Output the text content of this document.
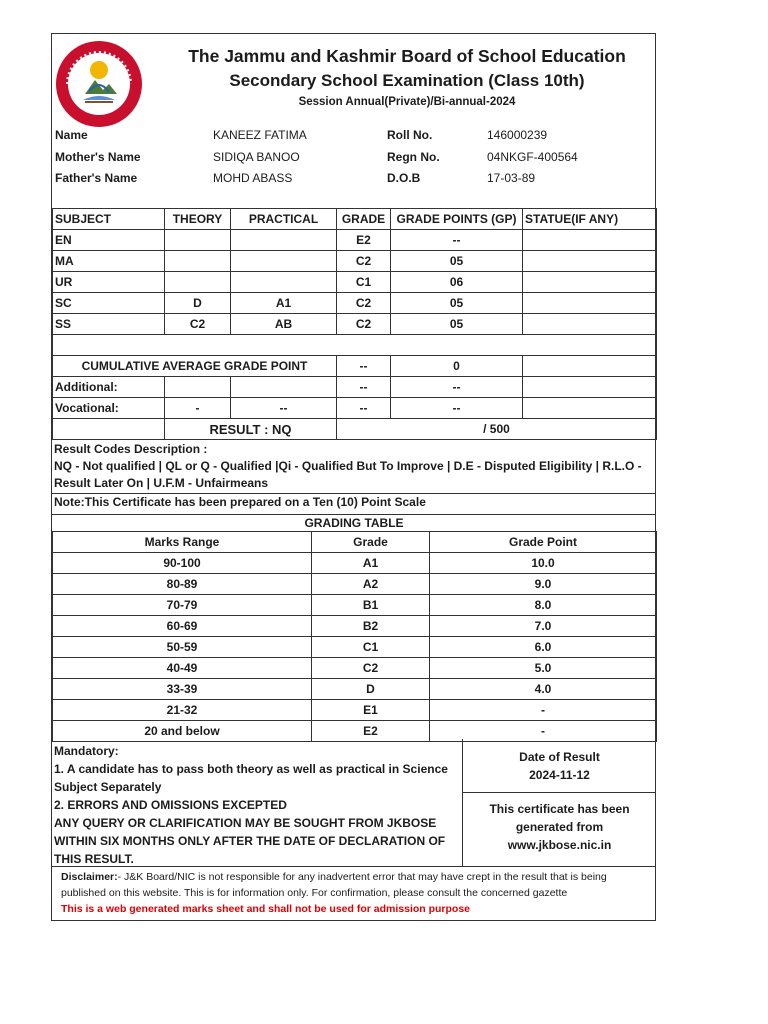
The Jammu and Kashmir Board of School Education
Secondary School Examination (Class 10th)
Session Annual(Private)/Bi-annual-2024
Name	KANEEZ FATIMA	Roll No.	146000239
Mother's Name	SIDIQA BANOO	Regn No.	04NKGF-400564
Father's Name	MOHD ABASS	D.O.B	17-03-89
SUBJECT	THEORY	PRACTICAL	GRADE	GRADE POINTS (GP)	STATUE(IF ANY)
EN			E2	--	
MA			C2	05	
UR			C1	06	
SC	D	A1	C2	05	
SS	C2	AB	C2	05	

CUMULATIVE AVERAGE GRADE POINT			--	0	
Additional:			--	--	
Vocational:	-	--	--	--	
	RESULT : NQ		/ 500		
Result Codes Description :
NQ - Not qualified | QL or Q - Qualified |Qi - Qualified But To Improve | D.E - Disputed Eligibility | R.L.O -
Result Later On | U.F.M - Unfairmeans
Note:This Certificate has been prepared on a Ten (10) Point Scale
GRADING TABLE
Marks Range	Grade	Grade Point
90-100	A1	10.0
80-89	A2	9.0
70-79	B1	8.0
60-69	B2	7.0
50-59	C1	6.0
40-49	C2	5.0
33-39	D	4.0
21-32	E1	-
20 and below	E2	-
Mandatory:
1. A candidate has to pass both theory as well as practical in Science
Subject Separately
2. ERRORS AND OMISSIONS EXCEPTED
ANY QUERY OR CLARIFICATION MAY BE SOUGHT FROM JKBOSE
WITHIN SIX MONTHS ONLY AFTER THE DATE OF DECLARATION OF
THIS RESULT.
Date of Result
2024-11-12
This certificate has been
generated from
www.jkbose.nic.in
Disclaimer:- J&K Board/NIC is not responsible for any inadvertent error that may have crept in the result that is being
published on this website. This is for information only. For confirmation, please consult the concerned gazette
This is a web generated marks sheet and shall not be used for admission purpose
